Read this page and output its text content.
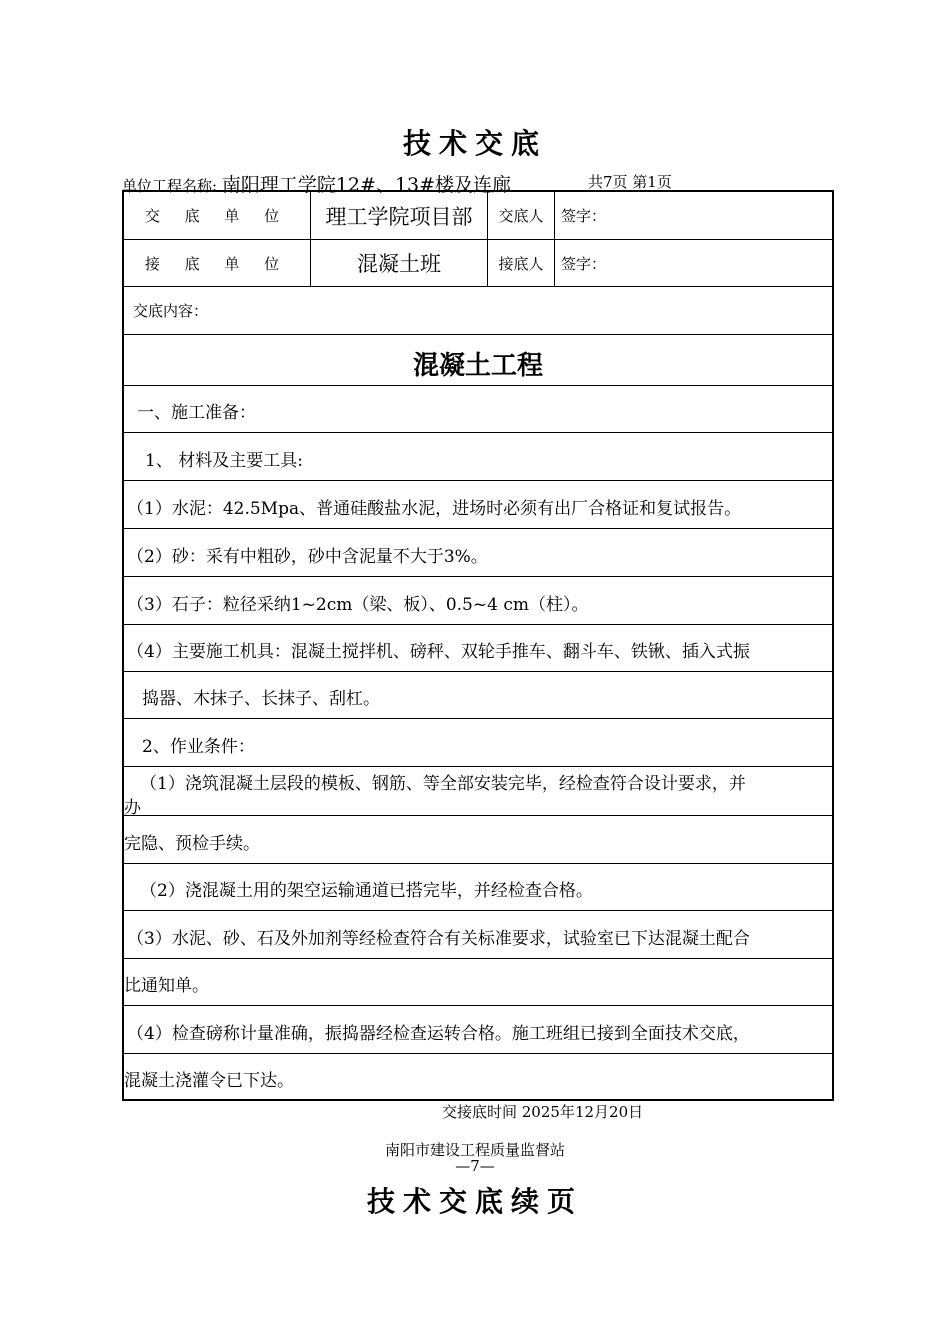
技术交底
单位工程名称: 南阳理工学院12#、13#楼及连廊	共7页 第1页
交 底 单 位	理工学院项目部	交底人	签字：
接 底 单 位	混凝土班	接底人	签字：
交底内容：
混凝土工程
一、施工准备：
1、 材料及主要工具:
（1）水泥：42.5Mpa、普通硅酸盐水泥，进场时必须有出厂合格证和复试报告。
（2）砂：采有中粗砂，砂中含泥量不大于3%。
（3）石子：粒径采纳1~2cm（梁、板）、0.5~4 cm（柱）。
（4）主要施工机具：混凝土搅拌机、磅秤、双轮手推车、翻斗车、铁锹、插入式振
捣器、木抹子、长抹子、刮杠。
2、作业条件：
（1）浇筑混凝土层段的模板、钢筋、等全部安装完毕，经检查符合设计要求，并
办
完隐、预检手续。
（2）浇混凝土用的架空运输通道已搭完毕，并经检查合格。
（3）水泥、砂、石及外加剂等经检查符合有关标准要求，试验室已下达混凝土配合
比通知单。
（4）检查磅称计量准确，振捣器经检查运转合格。施工班组已接到全面技术交底，
混凝土浇灌令已下达。
交接底时间 2025年12月20日
南阳市建设工程质量监督站
—7—
技术交底续页
